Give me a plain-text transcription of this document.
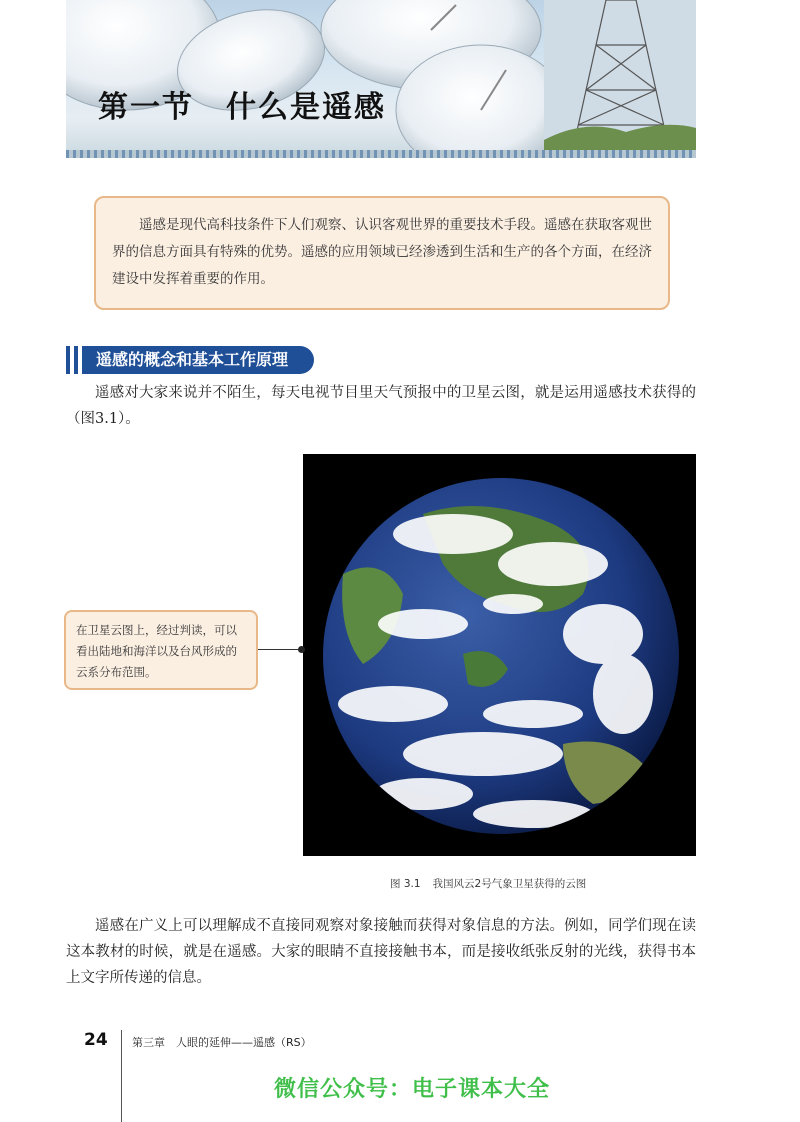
第一节　什么是遥感
遥感是现代高科技条件下人们观察、认识客观世界的重要技术手段。遥感在获取客观世界的信息方面具有特殊的优势。遥感的应用领域已经渗透到生活和生产的各个方面，在经济建设中发挥着重要的作用。
遥感的概念和基本工作原理
遥感对大家来说并不陌生，每天电视节目里天气预报中的卫星云图，就是运用遥感技术获得的（图3.1）。
图 3.1 我国风云2号气象卫星获得的云图
在卫星云图上，经过判读，可以看出陆地和海洋以及台风形成的云系分布范围。
遥感在广义上可以理解成不直接同观察对象接触而获得对象信息的方法。例如，同学们现在读这本教材的时候，就是在遥感。大家的眼睛不直接接触书本，而是接收纸张反射的光线，获得书本上文字所传递的信息。
24 第三章　人眼的延伸——遥感（RS）
微信公众号：电子课本大全
